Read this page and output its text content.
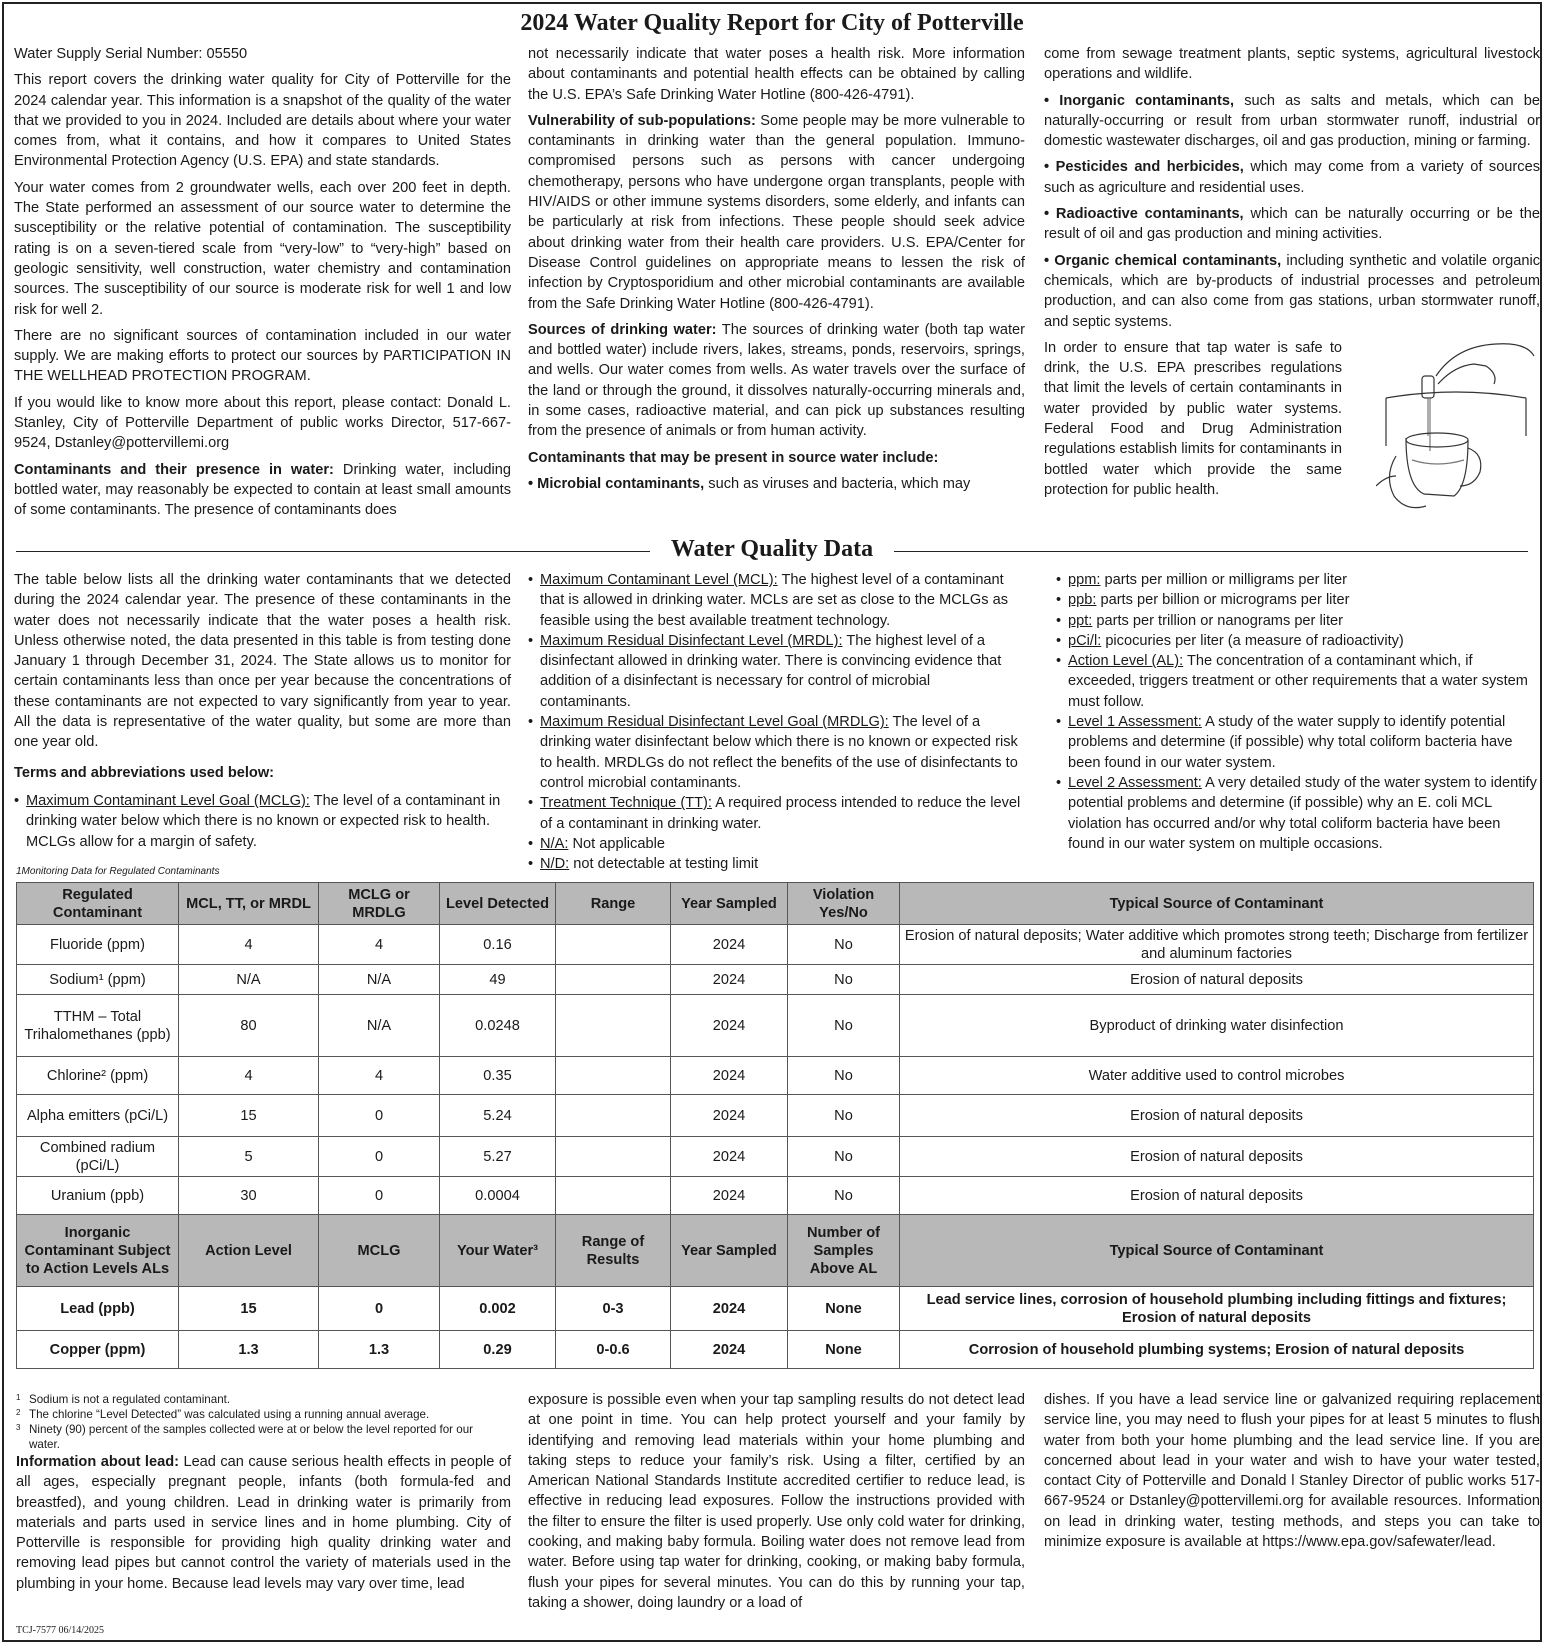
2024 Water Quality Report for City of Potterville

Water Supply Serial Number: 05550

This report covers the drinking water quality for City of Potterville for the 2024 calendar year. This information is a snapshot of the quality of the water that we provided to you in 2024. Included are details about where your water comes from, what it contains, and how it compares to United States Environmental Protection Agency (U.S. EPA) and state standards.

Your water comes from 2 groundwater wells, each over 200 feet in depth. The State performed an assessment of our source water to determine the susceptibility or the relative potential of contamination. The susceptibility rating is on a seven-tiered scale from “very-low” to “very-high” based on geologic sensitivity, well construction, water chemistry and contamination sources. The susceptibility of our source is moderate risk for well 1 and low risk for well 2.

There are no significant sources of contamination included in our water supply. We are making efforts to protect our sources by PARTICIPATION IN THE WELLHEAD PROTECTION PROGRAM.

If you would like to know more about this report, please contact: Donald L. Stanley, City of Potterville Department of public works Director, 517-667-9524, Dstanley@pottervillemi.org

Contaminants and their presence in water: Drinking water, including bottled water, may reasonably be expected to contain at least small amounts of some contaminants. The presence of contaminants does

not necessarily indicate that water poses a health risk. More information about contaminants and potential health effects can be obtained by calling the U.S. EPA’s Safe Drinking Water Hotline (800-426-4791).

Vulnerability of sub-populations: Some people may be more vulnerable to contaminants in drinking water than the general population. Immuno-compromised persons such as persons with cancer undergoing chemotherapy, persons who have undergone organ transplants, people with HIV/AIDS or other immune systems disorders, some elderly, and infants can be particularly at risk from infections. These people should seek advice about drinking water from their health care providers. U.S. EPA/Center for Disease Control guidelines on appropriate means to lessen the risk of infection by Cryptosporidium and other microbial contaminants are available from the Safe Drinking Water Hotline (800-426-4791).

Sources of drinking water: The sources of drinking water (both tap water and bottled water) include rivers, lakes, streams, ponds, reservoirs, springs, and wells. Our water comes from wells. As water travels over the surface of the land or through the ground, it dissolves naturally-occurring minerals and, in some cases, radioactive material, and can pick up substances resulting from the presence of animals or from human activity.

Contaminants that may be present in source water include:

• Microbial contaminants, such as viruses and bacteria, which may

come from sewage treatment plants, septic systems, agricultural livestock operations and wildlife.

• Inorganic contaminants, such as salts and metals, which can be naturally-occurring or result from urban stormwater runoff, industrial or domestic wastewater discharges, oil and gas production, mining or farming.

• Pesticides and herbicides, which may come from a variety of sources such as agriculture and residential uses.

• Radioactive contaminants, which can be naturally occurring or be the result of oil and gas production and mining activities.

• Organic chemical contaminants, including synthetic and volatile organic chemicals, which are by-products of industrial processes and petroleum production, and can also come from gas stations, urban stormwater runoff, and septic systems.

In order to ensure that tap water is safe to drink, the U.S. EPA prescribes regulations that limit the levels of certain contaminants in water provided by public water systems. Federal Food and Drug Administration regulations establish limits for contaminants in bottled water which provide the same protection for public health.

Water Quality Data

The table below lists all the drinking water contaminants that we detected during the 2024 calendar year. The presence of these contaminants in the water does not necessarily indicate that the water poses a health risk. Unless otherwise noted, the data presented in this table is from testing done January 1 through December 31, 2024. The State allows us to monitor for certain contaminants less than once per year because the concentrations of these contaminants are not expected to vary significantly from year to year. All the data is representative of the water quality, but some are more than one year old.

Terms and abbreviations used below:

• Maximum Contaminant Level Goal (MCLG): The level of a contaminant in drinking water below which there is no known or expected risk to health. MCLGs allow for a margin of safety.
• Maximum Contaminant Level (MCL): The highest level of a contaminant that is allowed in drinking water. MCLs are set as close to the MCLGs as feasible using the best available treatment technology.
• Maximum Residual Disinfectant Level (MRDL): The highest level of a disinfectant allowed in drinking water. There is convincing evidence that addition of a disinfectant is necessary for control of microbial contaminants.
• Maximum Residual Disinfectant Level Goal (MRDLG): The level of a drinking water disinfectant below which there is no known or expected risk to health. MRDLGs do not reflect the benefits of the use of disinfectants to control microbial contaminants.
• Treatment Technique (TT): A required process intended to reduce the level of a contaminant in drinking water.
• N/A: Not applicable
• N/D: not detectable at testing limit
• ppm: parts per million or milligrams per liter
• ppb: parts per billion or micrograms per liter
• ppt: parts per trillion or nanograms per liter
• pCi/l: picocuries per liter (a measure of radioactivity)
• Action Level (AL): The concentration of a contaminant which, if exceeded, triggers treatment or other requirements that a water system must follow.
• Level 1 Assessment: A study of the water supply to identify potential problems and determine (if possible) why total coliform bacteria have been found in our water system.
• Level 2 Assessment: A very detailed study of the water system to identify potential problems and determine (if possible) why an E. coli MCL violation has occurred and/or why total coliform bacteria have been found in our water system on multiple occasions.
1Monitoring Data for Regulated Contaminants
Regulated Contaminant	MCL, TT, or MRDL	MCLG or MRDLG	Level Detected	Range	Year Sampled	Violation Yes/No	Typical Source of Contaminant
Fluoride (ppm)	4	4	0.16		2024	No	Erosion of natural deposits; Water additive which promotes strong teeth; Discharge from fertilizer and aluminum factories
Sodium¹ (ppm)	N/A	N/A	49		2024	No	Erosion of natural deposits
TTHM – Total Trihalomethanes (ppb)	80	N/A	0.0248		2024	No	Byproduct of drinking water disinfection
Chlorine² (ppm)	4	4	0.35		2024	No	Water additive used to control microbes
Alpha emitters (pCi/L)	15	0	5.24		2024	No	Erosion of natural deposits
Combined radium (pCi/L)	5	0	5.27		2024	No	Erosion of natural deposits
Uranium (ppb)	30	0	0.0004		2024	No	Erosion of natural deposits
Inorganic Contaminant Subject to Action Levels ALs	Action Level	MCLG	Your Water³	Range of Results	Year Sampled	Number of Samples Above AL	Typical Source of Contaminant
Lead (ppb)	15	0	0.002	0-3	2024	None	Lead service lines, corrosion of household plumbing including fittings and fixtures; Erosion of natural deposits
Copper (ppm)	1.3	1.3	0.29	0-0.6	2024	None	Corrosion of household plumbing systems; Erosion of natural deposits
1 Sodium is not a regulated contaminant.
2 The chlorine “Level Detected” was calculated using a running annual average.
3 Ninety (90) percent of the samples collected were at or below the level reported for our water.
Information about lead: Lead can cause serious health effects in people of all ages, especially pregnant people, infants (both formula-fed and breastfed), and young children. Lead in drinking water is primarily from materials and parts used in service lines and in home plumbing. City of Potterville is responsible for providing high quality drinking water and removing lead pipes but cannot control the variety of materials used in the plumbing in your home. Because lead levels may vary over time, lead
exposure is possible even when your tap sampling results do not detect lead at one point in time. You can help protect yourself and your family by identifying and removing lead materials within your home plumbing and taking steps to reduce your family’s risk. Using a filter, certified by an American National Standards Institute accredited certifier to reduce lead, is effective in reducing lead exposures. Follow the instructions provided with the filter to ensure the filter is used properly. Use only cold water for drinking, cooking, and making baby formula. Boiling water does not remove lead from water. Before using tap water for drinking, cooking, or making baby formula, flush your pipes for several minutes. You can do this by running your tap, taking a shower, doing laundry or a load of
dishes. If you have a lead service line or galvanized requiring replacement service line, you may need to flush your pipes for at least 5 minutes to flush water from both your home plumbing and the lead service line. If you are concerned about lead in your water and wish to have your water tested, contact City of Potterville and Donald l Stanley Director of public works 517-667-9524 or Dstanley@pottervillemi.org for available resources. Information on lead in drinking water, testing methods, and steps you can take to minimize exposure is available at https://www.epa.gov/safewater/lead.
TCJ-7577 06/14/2025
